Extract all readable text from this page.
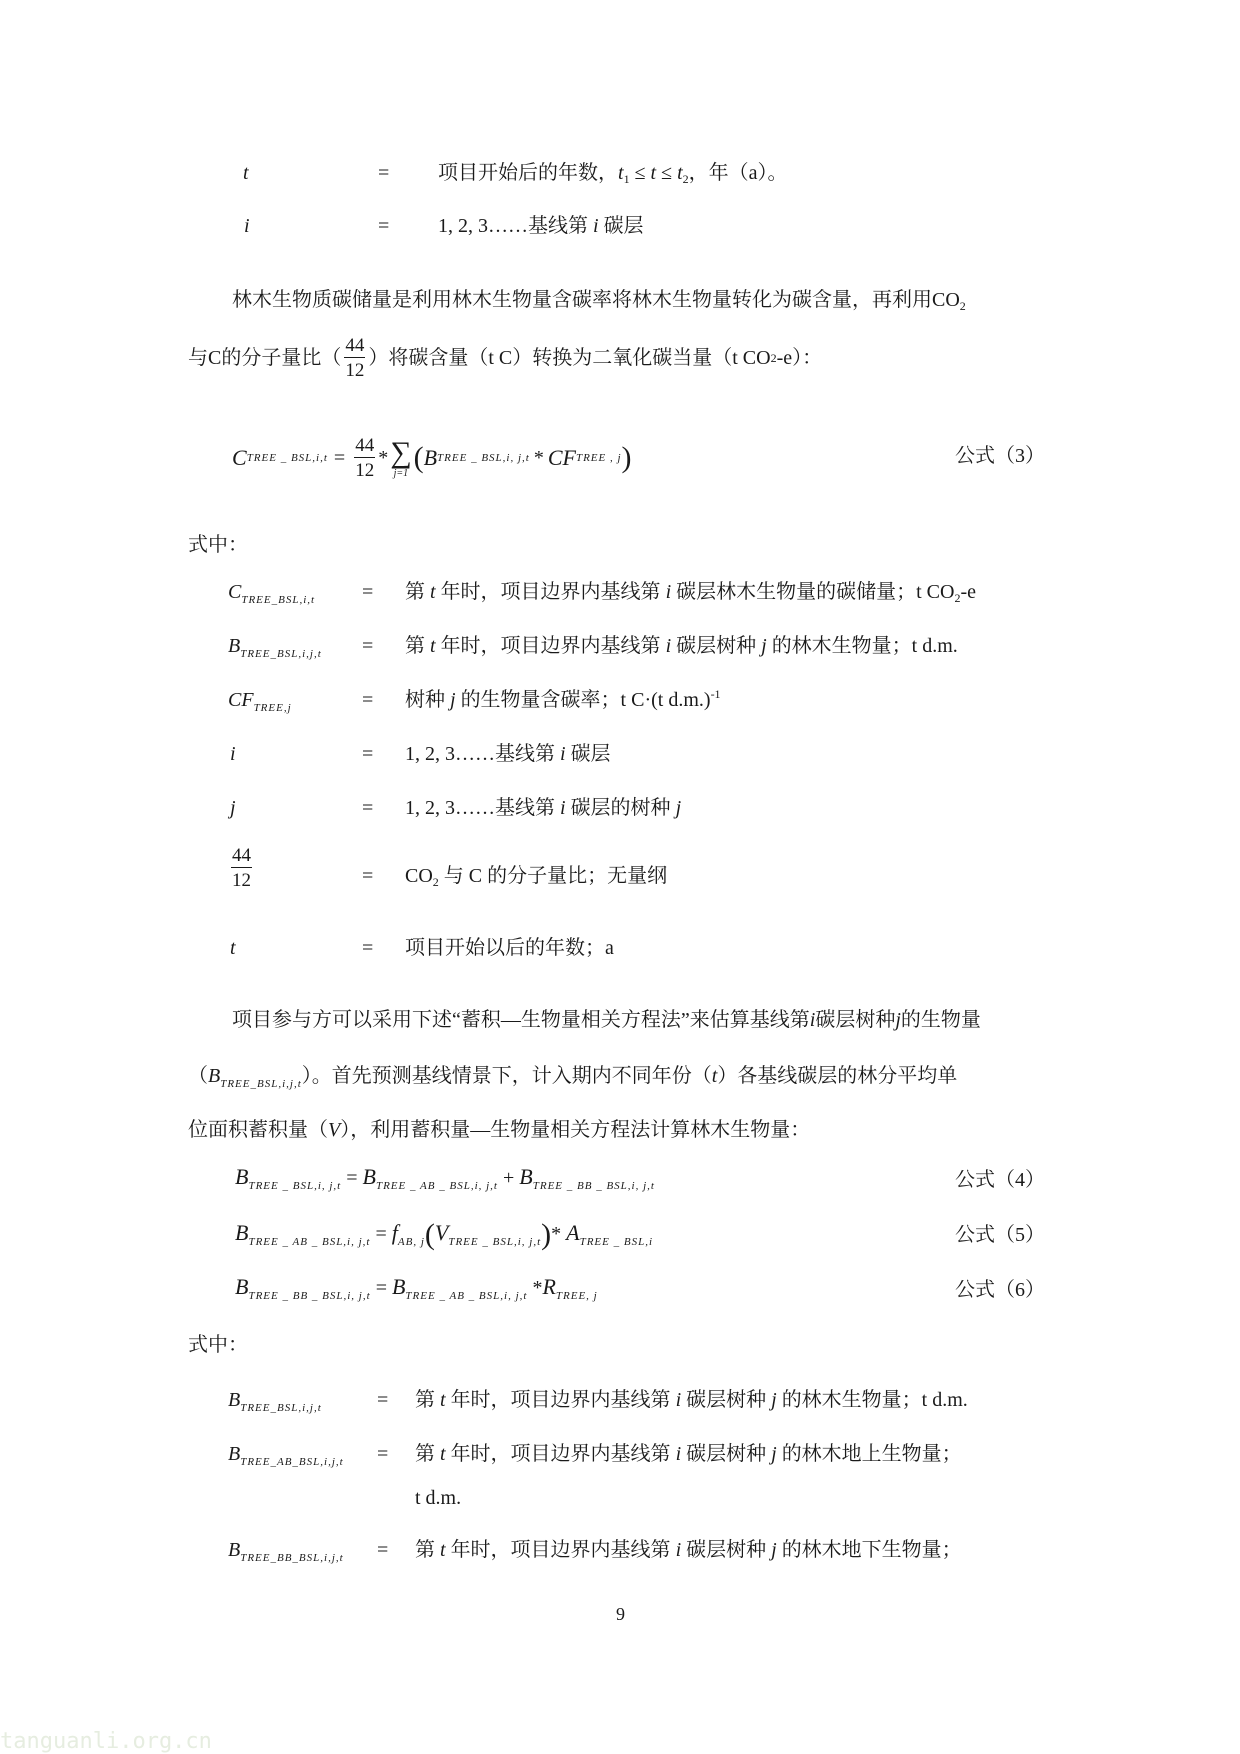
t	= 项目开始后的年数，$t_1 \le t \le t_2$，年（a）。
i	= 1, 2, 3……基线第 i 碳层
林木生物质碳储量是利用林木生物量含碳率将林木生物量转化为碳含量，再利用$CO_2$
与C的分子量比（ $\frac{44}{12}$ ）将碳含量（t C）转换为二氧化碳当量（t CO 2 -e）：
C TREE _ $BSL,i,t = \frac{44}{12}$ * ∑
j=1 ( B TREE _ BSL,i, j,t * CF TREE , j )	公式（3）
式中：
$C_{TREE\_BSL,i,t}$ = 第 t 年时，项目边界内基线第 i 碳层林木生物量的碳储量；t $CO_2-e$
$B_{TREE\_BSL,i,j,t}$ = 第 t 年时，项目边界内基线第 i 碳层树种 j 的林木生物量；t d.m.
$CF_{TREE,j}$	= 树种 j 的生物量含碳率；t C·(t d.m.)$^{-1}$
i	= 1, 2, 3……基线第 i 碳层
j	= 1, 2, 3……基线第 i 碳层的树种 j
$\frac{44}{12}$	= $CO_2$ 与 C 的分子量比；无量纲
t	= 项目开始以后的年数；a
项目参与方可以采用下述“蓄积—生物量相关方程法”来估算基线第i碳层树种j的生物量
$(B_{TREE\_BSL,i,j,t})$。首先预测基线情景下，计入期内不同年份（t）各基线碳层的林分平均单
位面积蓄积量（V），利用蓄积量—生物量相关方程法计算林木生物量：
$B_{TREE \_ BSL,i, j,t} = B_{TREE \_ AB \_ BSL,i, j,t} + B_{TREE \_ BB \_ BSL,i, j,t}$	公式（4）
$B_{TREE \_ AB \_ BSL,i, j,t} = f_{AB, j}(V_{TREE \_ BSL,i, j,t})*$ $A_{TREE \_ BSL,i}$	公式（5）
$B_{TREE \_ BB \_ BSL,i, j,t} = B_{TREE \_ AB \_ BSL,i, j,t}$ $*R_{TREE, j}$	公式（6）
式中：
$B_{TREE\_BSL,i,j,t}$	= 第 t 年时，项目边界内基线第 i 碳层树种 j 的林木生物量；t d.m.
$B_{TREE\_AB\_BSL,i,j,t}$ = 第 t 年时，项目边界内基线第 i 碳层树种 j 的林木地上生物量；
t d.m.
$B_{TREE\_BB\_BSL,i,j,t}$ = 第 t 年时，项目边界内基线第 i 碳层树种 j 的林木地下生物量；
9
tanguanli.org.cn
